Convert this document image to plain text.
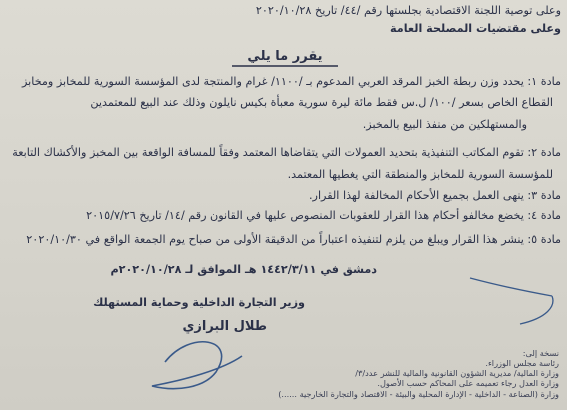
وعلى توصية اللجنة الاقتصادية بجلستها رقم /٤٤/ تاريخ ٢٠٢٠/١٠/٢٨
وعلى مقتضيات المصلحة العامة
يقرر ما يلي
مادة ١: يحدد وزن ربطة الخبز المرقد العربي المدعوم بـ /١١٠٠/ غرام والمنتجة لدى المؤسسة السورية للمخابز ومخابز
القطاع الخاص بسعر /١٠٠/ ل.س فقط مائة ليرة سورية معبأة بكيس نايلون وذلك عند البيع للمعتمدين
والمستهلكين من منفذ البيع بالمخبز.
مادة ٢: تقوم المكاتب التنفيذية بتحديد العمولات التي يتقاضاها المعتمد وفقاً للمسافة الواقعة بين المخبز والأكشاك التابعة
للمؤسسة السورية للمخابز والمنطقة التي يغطيها المعتمد.
مادة ٣: ينهى العمل بجميع الأحكام المخالفة لهذا القرار.
مادة ٤: يخضع مخالفو أحكام هذا القرار للعقوبات المنصوص عليها في القانون رقم /١٤/ تاريخ ٢٠١٥/٧/٢٦
مادة ٥: ينشر هذا القرار ويبلغ من يلزم لتنفيذه اعتباراً من الدقيقة الأولى من صباح يوم الجمعة الواقع في ٢٠٢٠/١٠/٣٠
دمشق في ١٤٤٢/٣/١١ هـ الموافق لـ ٢٠٢٠/١٠/٢٨م
وزير التجارة الداخلية وحماية المستهلك
طلال البرازي
نسخة إلى:
رئاسة مجلس الوزراء.
وزارة المالية/ مديرية الشؤون القانونية والمالية للنشر عدد/٣/
وزارة العدل رجاء تعميمه على المحاكم حسب الأصول.
وزارة (الصناعة - الداخلية - الإدارة المحلية والبيئة - الاقتصاد والتجارة الخارجية ......)
